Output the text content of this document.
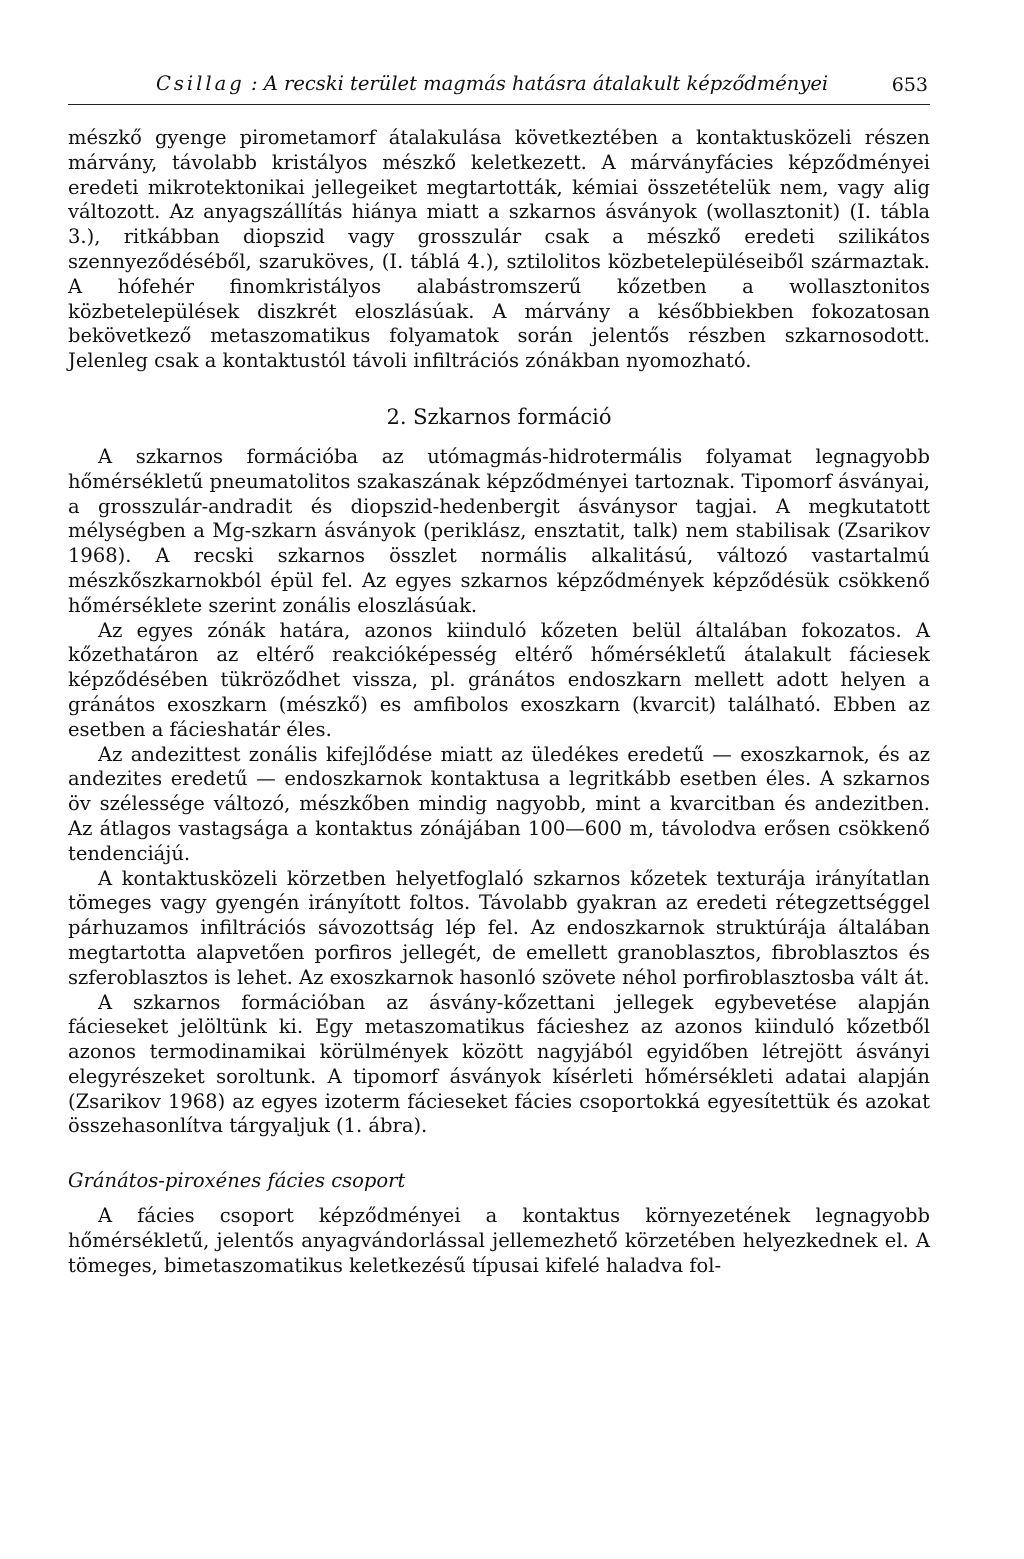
Csillag : A recski terület magmás hatásra átalakult képződményei	653

mészkő gyenge pirometamorf átalakulása következtében a kontaktusközeli részen márvány, távolabb kristályos mészkő keletkezett. A márványfácies képződményei eredeti mikrotektonikai jellegeiket megtartották, kémiai összetételük nem, vagy alig változott. Az anyagszállítás hiánya miatt a szkarnos ásványok (wollasztonit) (I. tábla 3.), ritkábban diopszid vagy grosszulár csak a mészkő eredeti szilikátos szennyeződéséből, szaruköves, (I. táblá 4.), sztilolitos közbetelepüléseiből származtak. A hófehér finomkristályos alabástromszerű kőzetben a wollasztonitos közbetelepülések diszkrét eloszlásúak. A márvány a későbbiekben fokozatosan bekövetkező metaszomatikus folyamatok során jelentős részben szkarnosodott. Jelenleg csak a kontaktustól távoli infiltrációs zónákban nyomozható.

2. Szkarnos formáció

A szkarnos formációba az utómagmás-hidrotermális folyamat legnagyobb hőmérsékletű pneumatolitos szakaszának képződményei tartoznak. Tipomorf ásványai, a grosszulár-andradit és diopszid-hedenbergit ásványsor tagjai. A megkutatott mélységben a Mg-szkarn ásványok (periklász, ensztatit, talk) nem stabilisak (Zsarikov 1968). A recski szkarnos összlet normális alkalitású, változó vastartalmú mészkőszkarnokból épül fel. Az egyes szkarnos képződmények képződésük csökkenő hőmérséklete szerint zonális eloszlásúak.

Az egyes zónák határa, azonos kiinduló kőzeten belül általában fokozatos. A kőzethatáron az eltérő reakcióképesség eltérő hőmérsékletű átalakult fáciesek képződésében tükröződhet vissza, pl. gránátos endoszkarn mellett adott helyen a gránátos exoszkarn (mészkő) es amfibolos exoszkarn (kvarcit) található. Ebben az esetben a fácieshatár éles.

Az andezittest zonális kifejlődése miatt az üledékes eredetű — exoszkarnok, és az andezites eredetű — endoszkarnok kontaktusa a legritkább esetben éles. A szkarnos öv szélessége változó, mészkőben mindig nagyobb, mint a kvarcitban és andezitben. Az átlagos vastagsága a kontaktus zónájában 100—600 m, távolodva erősen csökkenő tendenciájú.

A kontaktusközeli körzetben helyetfoglaló szkarnos kőzetek texturája irányítatlan tömeges vagy gyengén irányított foltos. Távolabb gyakran az eredeti rétegzettséggel párhuzamos infiltrációs sávozottság lép fel. Az endoszkarnok struktúrája általában megtartotta alapvetően porfiros jellegét, de emellett granoblasztos, fibroblasztos és szferoblasztos is lehet. Az exoszkarnok hasonló szövete néhol porfiroblasztosba vált át.

A szkarnos formációban az ásvány-kőzettani jellegek egybevetése alapján fácieseket jelöltünk ki. Egy metaszomatikus fácieshez az azonos kiinduló kőzetből azonos termodinamikai körülmények között nagyjából egyidőben létrejött ásványi elegyrészeket soroltunk. A tipomorf ásványok kísérleti hőmérsékleti adatai alapján (Zsarikov 1968) az egyes izoterm fácieseket fácies csoportokká egyesítettük és azokat összehasonlítva tárgyaljuk (1. ábra).

Gránátos-piroxénes fácies csoport

A fácies csoport képződményei a kontaktus környezetének legnagyobb hőmérsékletű, jelentős anyagvándorlással jellemezhető körzetében helyezkednek el. A tömeges, bimetaszomatikus keletkezésű típusai kifelé haladva fol-
